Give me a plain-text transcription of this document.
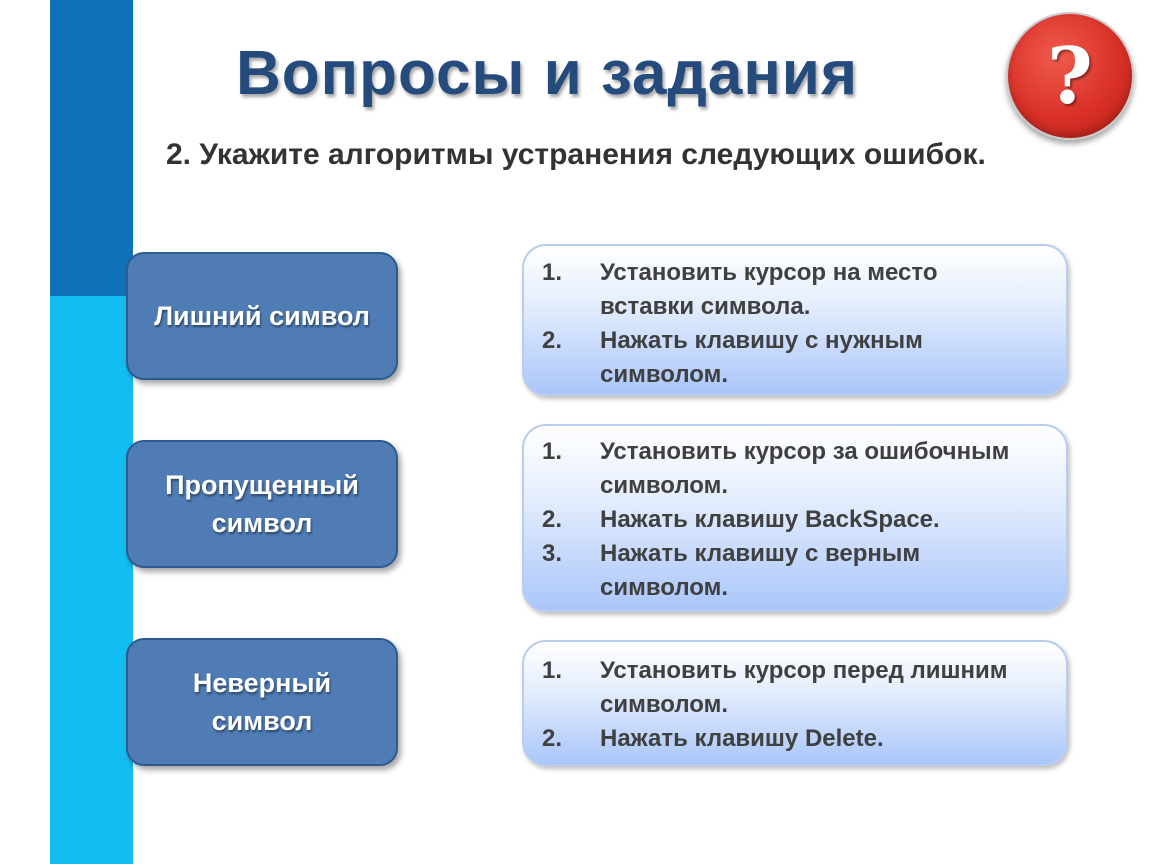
Вопросы и задания	?
2. Укажите алгоритмы устранения следующих ошибок.
Лишний символ
Пропущенный символ
Неверный символ
1. Установить курсор на место вставки символа.
2. Нажать клавишу с нужным символом.
1. Установить курсор за ошибочным символом.
2. Нажать клавишу BackSpace.
3. Нажать клавишу с верным символом.
1. Установить курсор перед лишним символом.
2. Нажать клавишу Delete.
